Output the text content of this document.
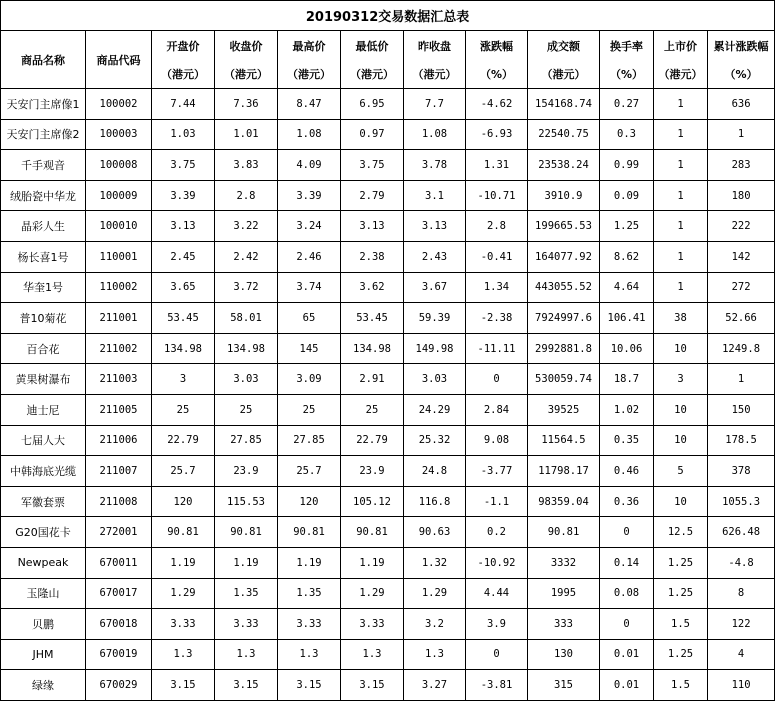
20190312交易数据汇总表											
商品名称	商品代码	开盘价	收盘价	最高价	最低价	昨收盘	涨跌幅	成交额	换手率	上市价	累计涨跌幅
		（港元）	（港元）	（港元）	（港元）	（港元）	（%）	（港元）	（%）	（港元）	（%）
天安门主席像1	100002	7.44	7.36	8.47	6.95	7.7	-4.62	154168.74	0.27	1	636
天安门主席像2	100003	1.03	1.01	1.08	0.97	1.08	-6.93	22540.75	0.3	1	1
千手观音	100008	3.75	3.83	4.09	3.75	3.78	1.31	23538.24	0.99	1	283
绒胎瓷中华龙	100009	3.39	2.8	3.39	2.79	3.1	-10.71	3910.9	0.09	1	180
晶彩人生	100010	3.13	3.22	3.24	3.13	3.13	2.8	199665.53	1.25	1	222
杨长喜1号	110001	2.45	2.42	2.46	2.38	2.43	-0.41	164077.92	8.62	1	142
华奎1号	110002	3.65	3.72	3.74	3.62	3.67	1.34	443055.52	4.64	1	272
普10菊花	211001	53.45	58.01	65	53.45	59.39	-2.38	7924997.6	106.41	38	52.66
百合花	211002	134.98	134.98	145	134.98	149.98	-11.11	2992881.8	10.06	10	1249.8
黄果树瀑布	211003	3	3.03	3.09	2.91	3.03	0	530059.74	18.7	3	1
迪士尼	211005	25	25	25	25	24.29	2.84	39525	1.02	10	150
七届人大	211006	22.79	27.85	27.85	22.79	25.32	9.08	11564.5	0.35	10	178.5
中韩海底光缆	211007	25.7	23.9	25.7	23.9	24.8	-3.77	11798.17	0.46	5	378
军徽套票	211008	120	115.53	120	105.12	116.8	-1.1	98359.04	0.36	10	1055.3
G20国花卡	272001	90.81	90.81	90.81	90.81	90.63	0.2	90.81	0	12.5	626.48
Newpeak	670011	1.19	1.19	1.19	1.19	1.32	-10.92	3332	0.14	1.25	-4.8
玉隆山	670017	1.29	1.35	1.35	1.29	1.29	4.44	1995	0.08	1.25	8
贝鹏	670018	3.33	3.33	3.33	3.33	3.2	3.9	333	0	1.5	122
JHM	670019	1.3	1.3	1.3	1.3	1.3	0	130	0.01	1.25	4
绿缘	670029	3.15	3.15	3.15	3.15	3.27	-3.81	315	0.01	1.5	110
